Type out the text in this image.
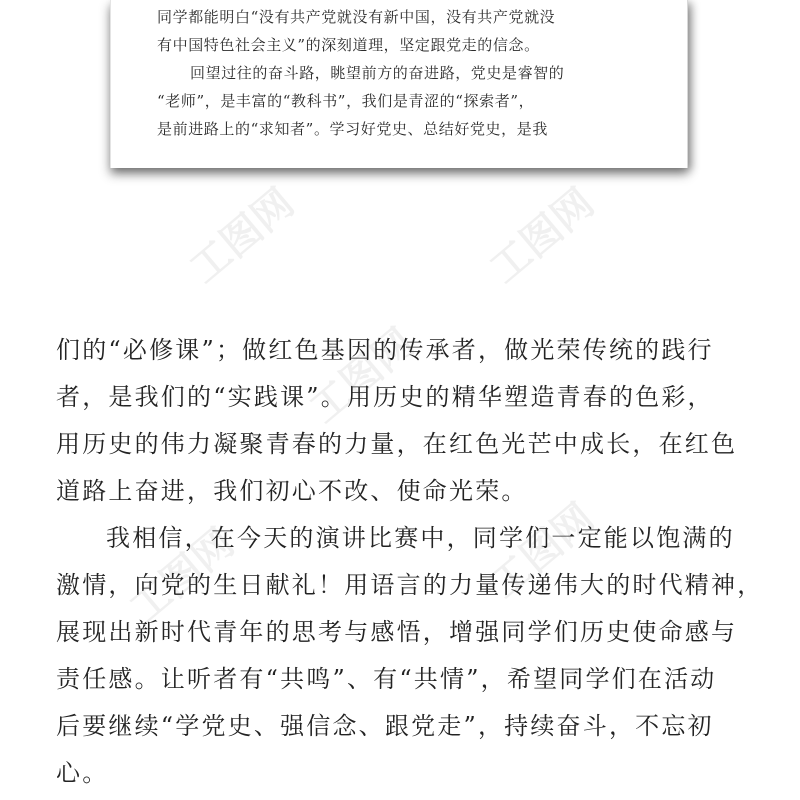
工图网	工图网
工图网
工图网	工图网
同学都能明白“没有共产党就没有新中国，没有共产党就没
有中国特色社会主义”的深刻道理，坚定跟党走的信念。
回望过往的奋斗路，眺望前方的奋进路，党史是睿智的
“老师”，是丰富的“教科书”，我们是青涩的“探索者”，
是前进路上的“求知者”。学习好党史、总结好党史，是我
们的“必修课”；做红色基因的传承者，做光荣传统的践行
者，是我们的“实践课”。用历史的精华塑造青春的色彩，
用历史的伟力凝聚青春的力量，在红色光芒中成长，在红色
道路上奋进，我们初心不改、使命光荣。
我相信，在今天的演讲比赛中，同学们一定能以饱满的
激情，向党的生日献礼！用语言的力量传递伟大的时代精神，
展现出新时代青年的思考与感悟，增强同学们历史使命感与
责任感。让听者有“共鸣”、有“共情”，希望同学们在活动
后要继续“学党史、强信念、跟党走”，持续奋斗，不忘初
心。
